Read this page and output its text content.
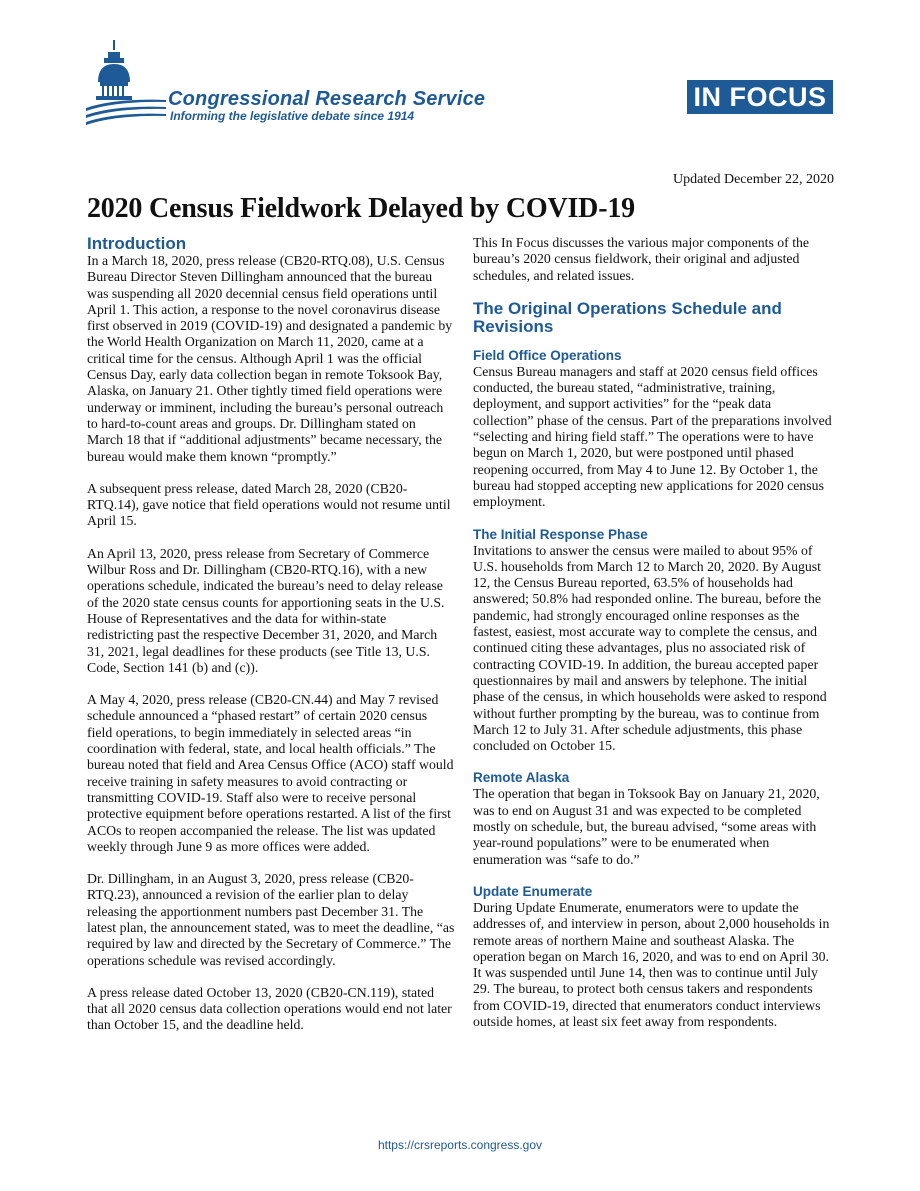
Congressional Research Service
Informing the legislative debate since 1914
IN FOCUS
Updated December 22, 2020
2020 Census Fieldwork Delayed by COVID-19
Introduction

In a March 18, 2020, press release (CB20-RTQ.08), U.S. Census Bureau Director Steven Dillingham announced that the bureau was suspending all 2020 decennial census field operations until April 1. This action, a response to the novel coronavirus disease first observed in 2019 (COVID-19) and designated a pandemic by the World Health Organization on March 11, 2020, came at a critical time for the census. Although April 1 was the official Census Day, early data collection began in remote Toksook Bay, Alaska, on January 21. Other tightly timed field operations were underway or imminent, including the bureau’s personal outreach to hard-to-count areas and groups. Dr. Dillingham stated on March 18 that if “additional adjustments” became necessary, the bureau would make them known “promptly.”

A subsequent press release, dated March 28, 2020 (CB20-RTQ.14), gave notice that field operations would not resume until April 15.

An April 13, 2020, press release from Secretary of Commerce Wilbur Ross and Dr. Dillingham (CB20-RTQ.16), with a new operations schedule, indicated the bureau’s need to delay release of the 2020 state census counts for apportioning seats in the U.S. House of Representatives and the data for within-state redistricting past the respective December 31, 2020, and March 31, 2021, legal deadlines for these products (see Title 13, U.S. Code, Section 141 (b) and (c)).

A May 4, 2020, press release (CB20-CN.44) and May 7 revised schedule announced a “phased restart” of certain 2020 census field operations, to begin immediately in selected areas “in coordination with federal, state, and local health officials.” The bureau noted that field and Area Census Office (ACO) staff would receive training in safety measures to avoid contracting or transmitting COVID-19. Staff also were to receive personal protective equipment before operations restarted. A list of the first ACOs to reopen accompanied the release. The list was updated weekly through June 9 as more offices were added.

Dr. Dillingham, in an August 3, 2020, press release (CB20-RTQ.23), announced a revision of the earlier plan to delay releasing the apportionment numbers past December 31. The latest plan, the announcement stated, was to meet the deadline, “as required by law and directed by the Secretary of Commerce.” The operations schedule was revised accordingly.

A press release dated October 13, 2020 (CB20-CN.119), stated that all 2020 census data collection operations would end not later than October 15, and the deadline held.

This In Focus discusses the various major components of the bureau’s 2020 census fieldwork, their original and adjusted schedules, and related issues.

The Original Operations Schedule and Revisions
Field Office Operations

Census Bureau managers and staff at 2020 census field offices conducted, the bureau stated, “administrative, training, deployment, and support activities” for the “peak data collection” phase of the census. Part of the preparations involved “selecting and hiring field staff.” The operations were to have begun on March 1, 2020, but were postponed until phased reopening occurred, from May 4 to June 12. By October 1, the bureau had stopped accepting new applications for 2020 census employment.

The Initial Response Phase

Invitations to answer the census were mailed to about 95% of U.S. households from March 12 to March 20, 2020. By August 12, the Census Bureau reported, 63.5% of households had answered; 50.8% had responded online. The bureau, before the pandemic, had strongly encouraged online responses as the fastest, easiest, most accurate way to complete the census, and continued citing these advantages, plus no associated risk of contracting COVID-19. In addition, the bureau accepted paper questionnaires by mail and answers by telephone. The initial phase of the census, in which households were asked to respond without further prompting by the bureau, was to continue from March 12 to July 31. After schedule adjustments, this phase concluded on October 15.

Remote Alaska

The operation that began in Toksook Bay on January 21, 2020, was to end on August 31 and was expected to be completed mostly on schedule, but, the bureau advised, “some areas with year-round populations” were to be enumerated when enumeration was “safe to do.”

Update Enumerate

During Update Enumerate, enumerators were to update the addresses of, and interview in person, about 2,000 households in remote areas of northern Maine and southeast Alaska. The operation began on March 16, 2020, and was to end on April 30. It was suspended until June 14, then was to continue until July 29. The bureau, to protect both census takers and respondents from COVID-19, directed that enumerators conduct interviews outside homes, at least six feet away from respondents.

https://crsreports.congress.gov
